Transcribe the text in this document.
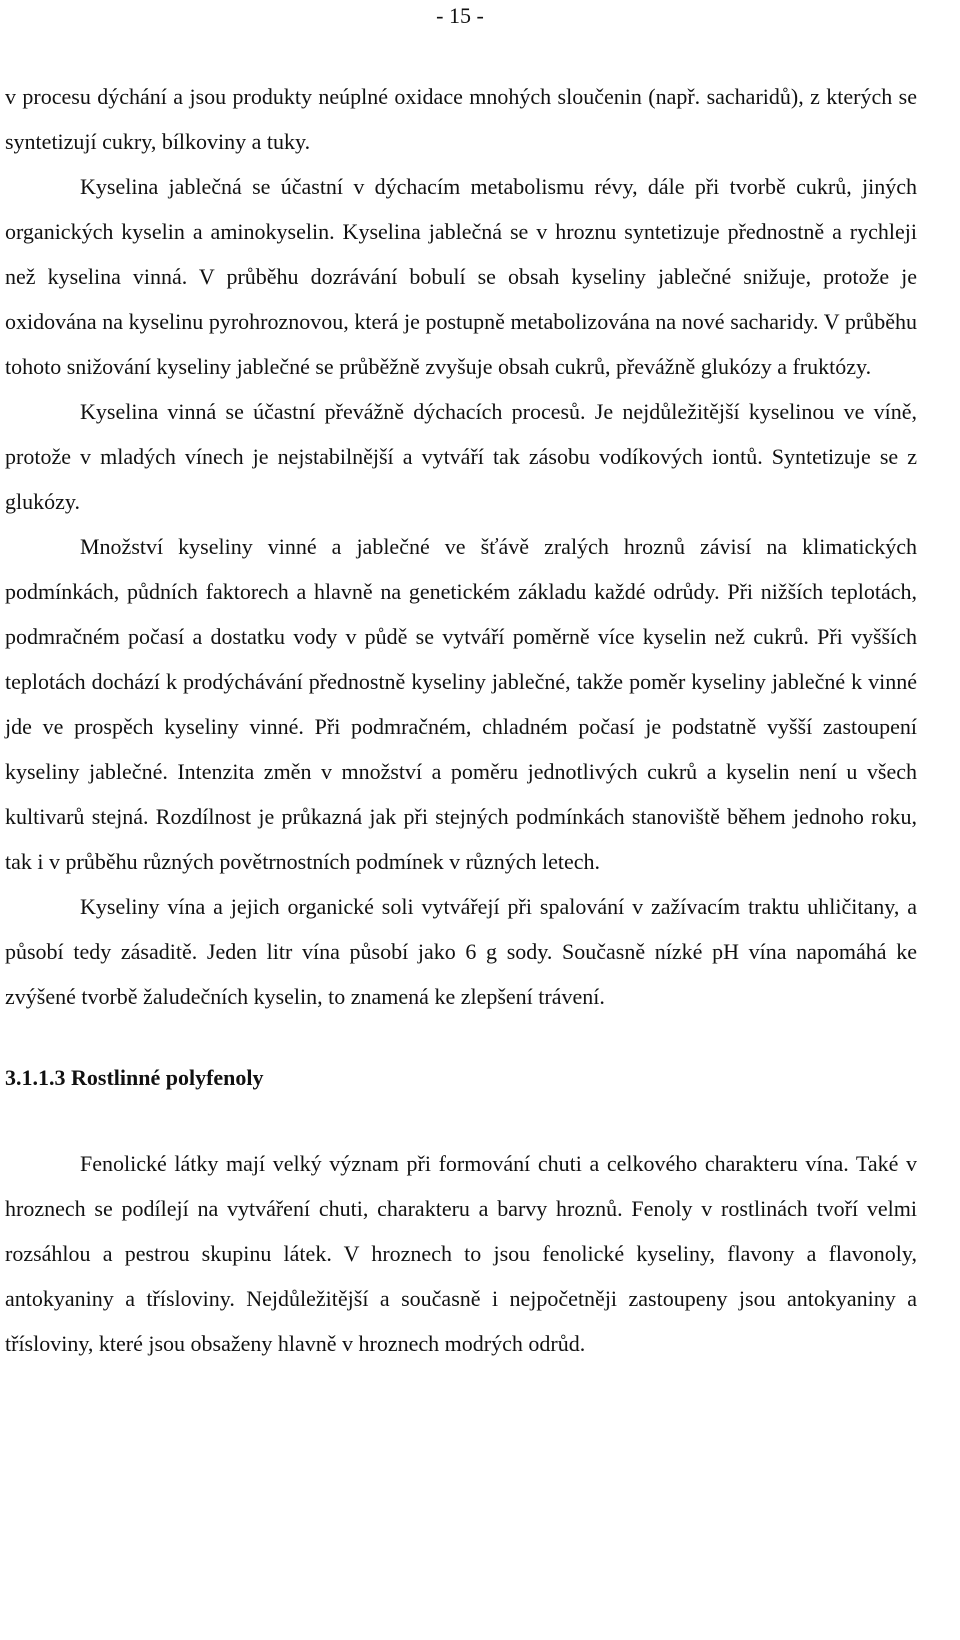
- 15 -

v procesu dýchání a jsou produkty neúplné oxidace mnohých sloučenin (např. sacharidů), z kterých se syntetizují cukry, bílkoviny a tuky.

Kyselina jablečná se účastní v dýchacím metabolismu révy, dále při tvorbě cukrů, jiných organických kyselin a aminokyselin. Kyselina jablečná se v hroznu syntetizuje přednostně a rychleji než kyselina vinná. V průběhu dozrávání bobulí se obsah kyseliny jablečné snižuje, protože je oxidována na kyselinu pyrohroznovou, která je postupně metabolizována na nové sacharidy. V průběhu tohoto snižování kyseliny jablečné se průběžně zvyšuje obsah cukrů, převážně glukózy a fruktózy.

Kyselina vinná se účastní převážně dýchacích procesů. Je nejdůležitější kyselinou ve víně, protože v mladých vínech je nejstabilnější a vytváří tak zásobu vodíkových iontů. Syntetizuje se z glukózy.

Množství kyseliny vinné a jablečné ve šťávě zralých hroznů závisí na klimatických podmínkách, půdních faktorech a hlavně na genetickém základu každé odrůdy. Při nižších teplotách, podmračném počasí a dostatku vody v půdě se vytváří poměrně více kyselin než cukrů. Při vyšších teplotách dochází k prodýchávání přednostně kyseliny jablečné, takže poměr kyseliny jablečné k vinné jde ve prospěch kyseliny vinné. Při podmračném, chladném počasí je podstatně vyšší zastoupení kyseliny jablečné. Intenzita změn v množství a poměru jednotlivých cukrů a kyselin není u všech kultivarů stejná. Rozdílnost je průkazná jak při stejných podmínkách stanoviště během jednoho roku, tak i v průběhu různých povětrnostních podmínek v různých letech.

Kyseliny vína a jejich organické soli vytvářejí při spalování v zažívacím traktu uhličitany, a působí tedy zásaditě. Jeden litr vína působí jako 6 g sody. Současně nízké pH vína napomáhá ke zvýšené tvorbě žaludečních kyselin, to znamená ke zlepšení trávení.

3.1.1.3 Rostlinné polyfenoly

Fenolické látky mají velký význam při formování chuti a celkového charakteru vína. Také v hroznech se podílejí na vytváření chuti, charakteru a barvy hroznů. Fenoly v rostlinách tvoří velmi rozsáhlou a pestrou skupinu látek. V hroznech to jsou fenolické kyseliny, flavony a flavonoly, antokyaniny a třísloviny. Nejdůležitější a současně i nejpočetněji zastoupeny jsou antokyaniny a třísloviny, které jsou obsaženy hlavně v hroznech modrých odrůd.
